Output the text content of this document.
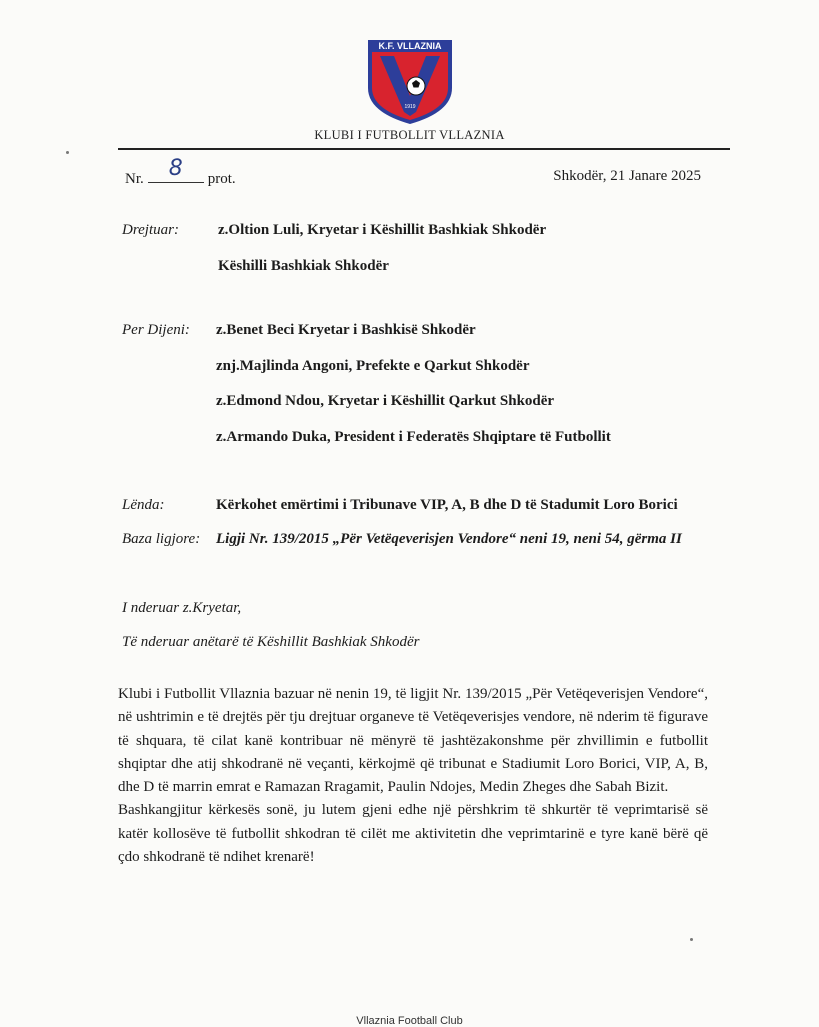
K.F. VLLAZNIA
1919
KLUBI I FUTBOLLIT VLLAZNIA
Nr.	8	prot.	Shkodër, 21 Janare 2025
Drejtuar:	z.Oltion Luli, Kryetar i Këshillit Bashkiak Shkodër
Këshilli Bashkiak Shkodër
Per Dijeni: z.Benet Beci Kryetar i Bashkisë Shkodër
znj.Majlinda Angoni, Prefekte e Qarkut Shkodër
z.Edmond Ndou, Kryetar i Këshillit Qarkut Shkodër
z.Armando Duka, President i Federatës Shqiptare të Futbollit
Lënda:	Kërkohet emërtimi i Tribunave VIP, A, B dhe D të Stadumit Loro Borici
Baza ligjore: Ligji Nr. 139/2015 „Për Vetëqeverisjen Vendore“ neni 19, neni 54, gërma II
I nderuar z.Kryetar,
Të nderuar anëtarë të Këshillit Bashkiak Shkodër

Klubi i Futbollit Vllaznia bazuar në nenin 19, të ligjit Nr. 139/2015 „Për Vetëqeverisjen Vendore“, në ushtrimin e të drejtës për tju drejtuar organeve të Vetëqeverisjes vendore, në nderim të figurave të shquara, të cilat kanë kontribuar në mënyrë të jashtëzakonshme për zhvillimin e futbollit shqiptar dhe atij shkodranë në veçanti, kërkojmë që tribunat e Stadiumit Loro Borici, VIP, A, B, dhe D të marrin emrat e Ramazan Rragamit, Paulin Ndojes, Medin Zheges dhe Sabah Bizit.

Bashkangjitur kërkesës sonë, ju lutem gjeni edhe një përshkrim të shkurtër të veprimtarisë së katër kollosëve të futbollit shkodran të cilët me aktivitetin dhe veprimtarinë e tyre kanë bërë që çdo shkodranë të ndihet krenarë!

Vllaznia Football Club
